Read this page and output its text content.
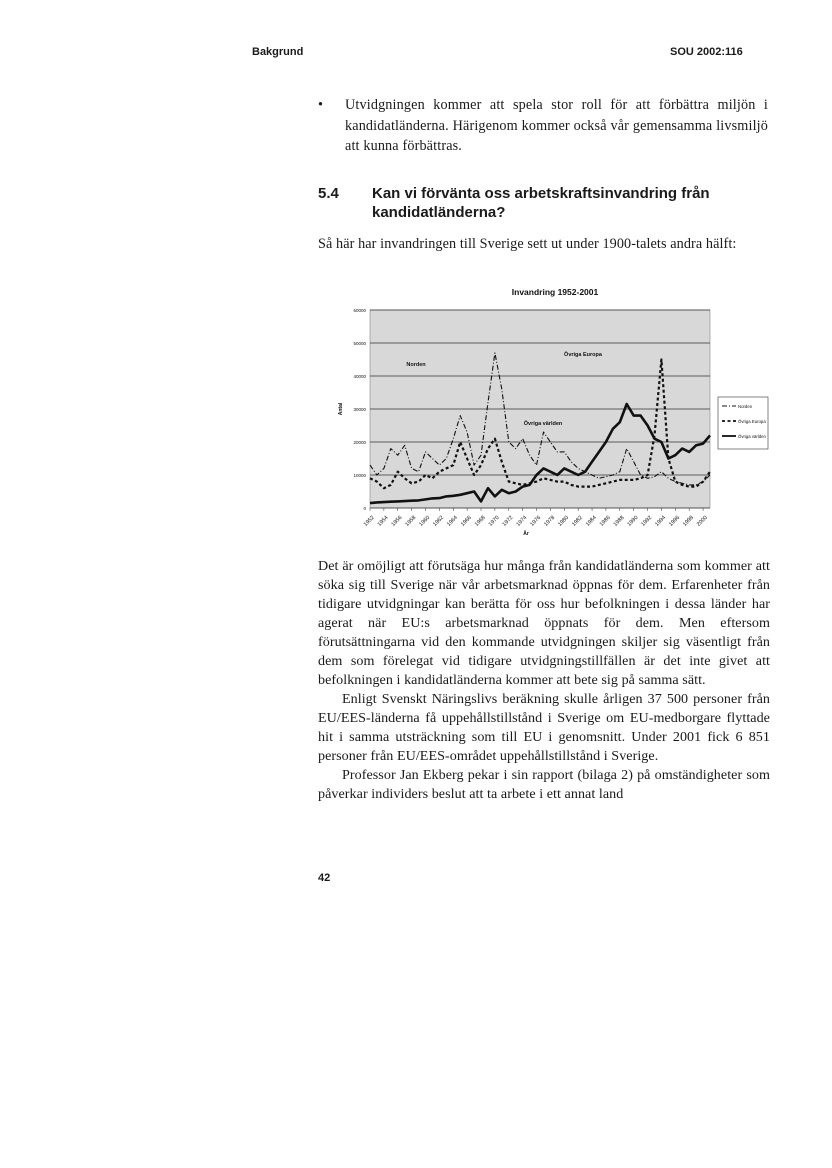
Bakgrund	SOU 2002:116
• Utvidgningen kommer att spela stor roll för att förbättra miljön i kandidatländerna. Härigenom kommer också vår gemensamma livsmiljö att kunna förbättras.
5.4 Kan vi förvänta oss arbetskraftsinvandring från kandidatländerna?
Så här har invandringen till Sverige sett ut under 1900-talets andra hälft:
Invandring 1952-2001
0
10000
20000
30000
40000
50000
60000
1952 1954 1956 1958 1960 1962 1964 1966 1968 1970 1972 1974 1976 1978 1980 1982 1984 1986 1988 1990 1992 1994 1996 1998 2000
År
Antal
Norden
Övriga Europa
Övriga världen
Norden
Övriga Europa
Övriga världen

Det är omöjligt att förutsäga hur många från kandidatländerna som kommer att söka sig till Sverige när vår arbetsmarknad öppnas för dem. Erfarenheter från tidigare utvidgningar kan berätta för oss hur befolkningen i dessa länder har agerat när EU:s arbetsmarknad öppnats för dem. Men eftersom förutsättningarna vid den kommande utvidgningen skiljer sig väsentligt från dem som förelegat vid tidigare utvidgningstillfällen är det inte givet att befolkningen i kandidatländerna kommer att bete sig på samma sätt.

Enligt Svenskt Näringslivs beräkning skulle årligen 37 500 personer från EU/EES-länderna få uppehållstillstånd i Sverige om EU-medborgare flyttade hit i samma utsträckning som till EU i genomsnitt. Under 2001 fick 6 851 personer från EU/EES-området uppehållstillstånd i Sverige.

Professor Jan Ekberg pekar i sin rapport (bilaga 2) på omständigheter som påverkar individers beslut att ta arbete i ett annat land

42
